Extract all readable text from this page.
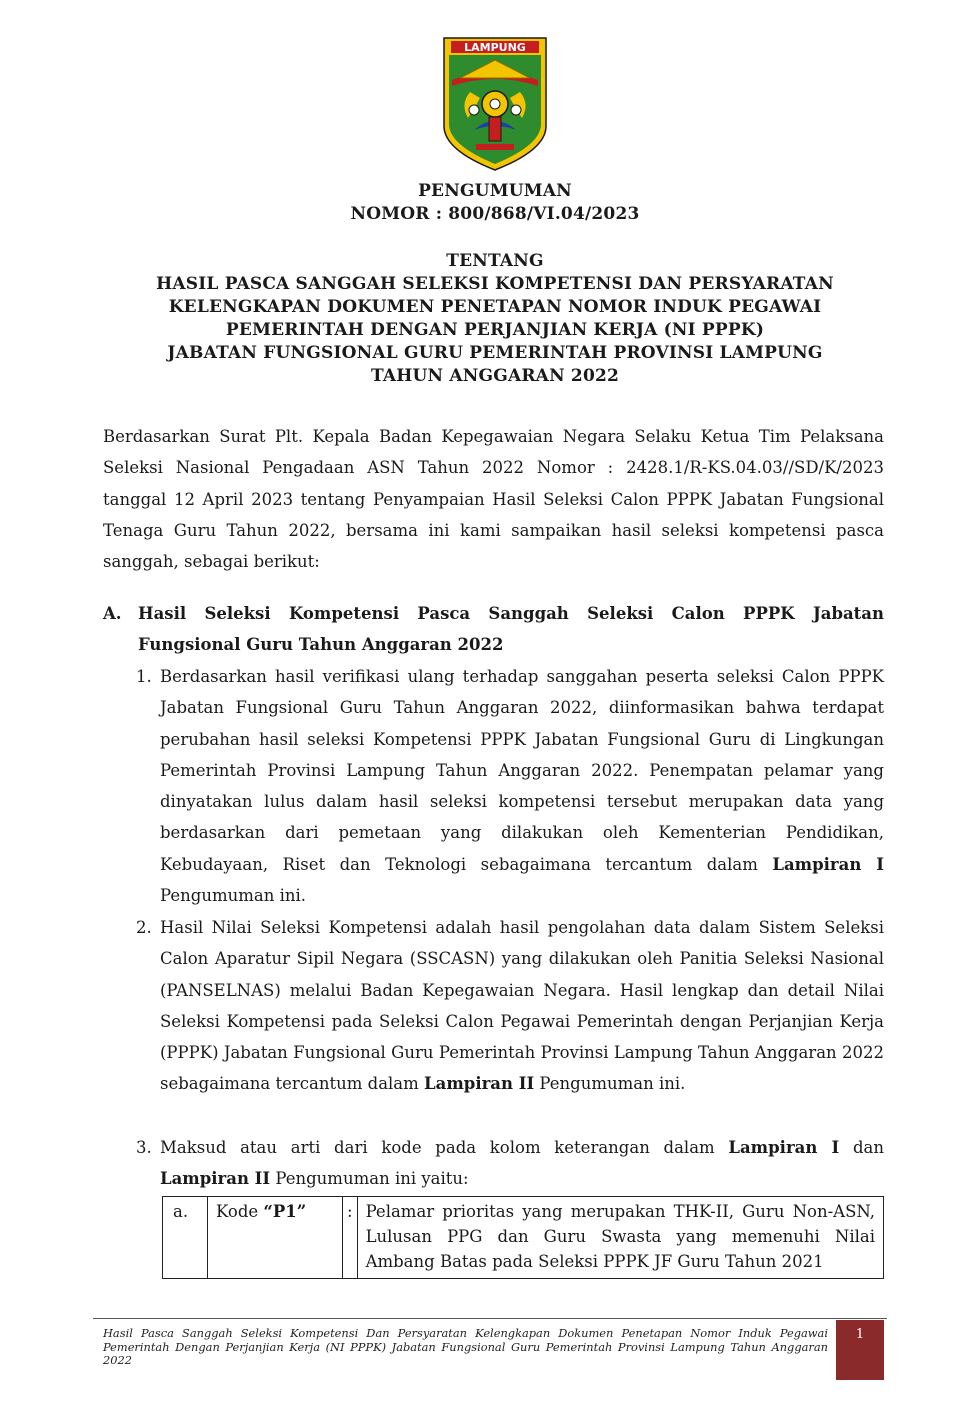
LAMPUNG
PENGUMUMAN
NOMOR : 800/868/VI.04/2023
TENTANG
HASIL PASCA SANGGAH SELEKSI KOMPETENSI DAN PERSYARATAN
KELENGKAPAN DOKUMEN PENETAPAN NOMOR INDUK PEGAWAI
PEMERINTAH DENGAN PERJANJIAN KERJA (NI PPPK)
JABATAN FUNGSIONAL GURU PEMERINTAH PROVINSI LAMPUNG
TAHUN ANGGARAN 2022

Berdasarkan Surat Plt. Kepala Badan Kepegawaian Negara Selaku Ketua Tim Pelaksana Seleksi Nasional Pengadaan ASN Tahun 2022 Nomor : 2428.1/R-KS.04.03//SD/K/2023 tanggal 12 April 2023 tentang Penyampaian Hasil Seleksi Calon PPPK Jabatan Fungsional Tenaga Guru Tahun 2022, bersama ini kami sampaikan hasil seleksi kompetensi pasca sanggah, sebagai berikut:

A. Hasil Seleksi Kompetensi Pasca Sanggah Seleksi Calon PPPK Jabatan Fungsional Guru Tahun Anggaran 2022
1. Berdasarkan hasil verifikasi ulang terhadap sanggahan peserta seleksi Calon PPPK Jabatan Fungsional Guru Tahun Anggaran 2022, diinformasikan bahwa terdapat perubahan hasil seleksi Kompetensi PPPK Jabatan Fungsional Guru di Lingkungan Pemerintah Provinsi Lampung Tahun Anggaran 2022. Penempatan pelamar yang dinyatakan lulus dalam hasil seleksi kompetensi tersebut merupakan data yang berdasarkan dari pemetaan yang dilakukan oleh Kementerian Pendidikan, Kebudayaan, Riset dan Teknologi sebagaimana tercantum dalam Lampiran I Pengumuman ini.
2. Hasil Nilai Seleksi Kompetensi adalah hasil pengolahan data dalam Sistem Seleksi Calon Aparatur Sipil Negara (SSCASN) yang dilakukan oleh Panitia Seleksi Nasional (PANSELNAS) melalui Badan Kepegawaian Negara. Hasil lengkap dan detail Nilai Seleksi Kompetensi pada Seleksi Calon Pegawai Pemerintah dengan Perjanjian Kerja (PPPK) Jabatan Fungsional Guru Pemerintah Provinsi Lampung Tahun Anggaran 2022 sebagaimana tercantum dalam Lampiran II Pengumuman ini.
3. Maksud atau arti dari kode pada kolom keterangan dalam Lampiran I dan Lampiran II Pengumuman ini yaitu:
a.	Kode “P1”	:	Pelamar prioritas yang merupakan THK-II, Guru Non-ASN, Lulusan PPG dan Guru Swasta yang memenuhi Nilai Ambang Batas pada Seleksi PPPK JF Guru Tahun 2021
Hasil Pasca Sanggah Seleksi Kompetensi Dan Persyaratan Kelengkapan Dokumen Penetapan Nomor Induk Pegawai Pemerintah Dengan Perjanjian Kerja (NI PPPK) Jabatan Fungsional Guru Pemerintah Provinsi Lampung Tahun Anggaran 2022
1
